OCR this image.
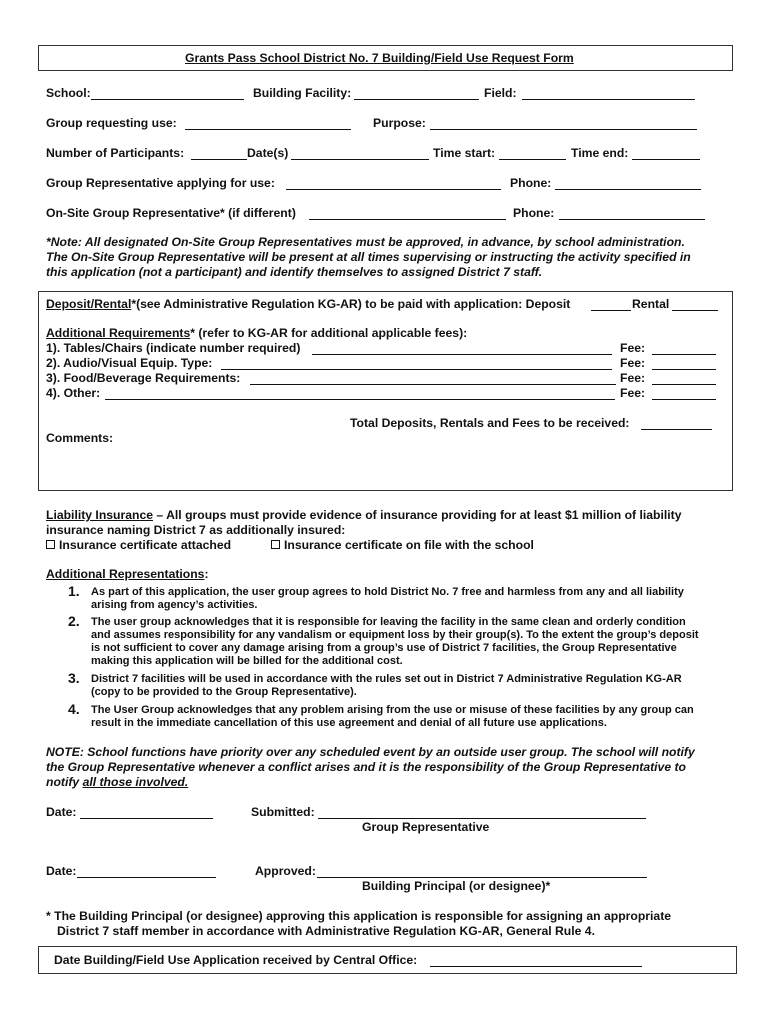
Grants Pass School District No. 7 Building/Field Use Request Form
School:	Building Facility:	Field:
Group requesting use:	Purpose:
Number of Participants:	Date(s)	Time start:	Time end:
Group Representative applying for use:	Phone:
On-Site Group Representative* (if different)	Phone:
*Note: All designated On-Site Group Representatives must be approved, in advance, by school administration.
The On-Site Group Representative will be present at all times supervising or instructing the activity specified in
this application (not a participant) and identify themselves to assigned District 7 staff.
Deposit/Rental*(see Administrative Regulation KG-AR) to be paid with application: Deposit	Rental
Additional Requirements* (refer to KG-AR for additional applicable fees):
1). Tables/Chairs (indicate number required)	Fee:
2). Audio/Visual Equip. Type:	Fee:
3). Food/Beverage Requirements:	Fee:
4). Other:	Fee:
Total Deposits, Rentals and Fees to be received:
Comments:
Liability Insurance – All groups must provide evidence of insurance providing for at least $1 million of liability
insurance naming District 7 as additionally insured:
Insurance certificate attached	Insurance certificate on file with the school
Additional Representations:
1. As part of this application, the user group agrees to hold District No. 7 free and harmless from any and all liability
arising from agency’s activities.
2. The user group acknowledges that it is responsible for leaving the facility in the same clean and orderly condition
and assumes responsibility for any vandalism or equipment loss by their group(s). To the extent the group’s deposit
is not sufficient to cover any damage arising from a group’s use of District 7 facilities, the Group Representative
making this application will be billed for the additional cost.
3. District 7 facilities will be used in accordance with the rules set out in District 7 Administrative Regulation KG-AR
(copy to be provided to the Group Representative).
4. The User Group acknowledges that any problem arising from the use or misuse of these facilities by any group can
result in the immediate cancellation of this use agreement and denial of all future use applications.
NOTE: School functions have priority over any scheduled event by an outside user group. The school will notify
the Group Representative whenever a conflict arises and it is the responsibility of the Group Representative to
notify all those involved.
Date:	Submitted:
Group Representative
Date:	Approved:
Building Principal (or designee)*
* The Building Principal (or designee) approving this application is responsible for assigning an appropriate
District 7 staff member in accordance with Administrative Regulation KG-AR, General Rule 4.
Date Building/Field Use Application received by Central Office:
